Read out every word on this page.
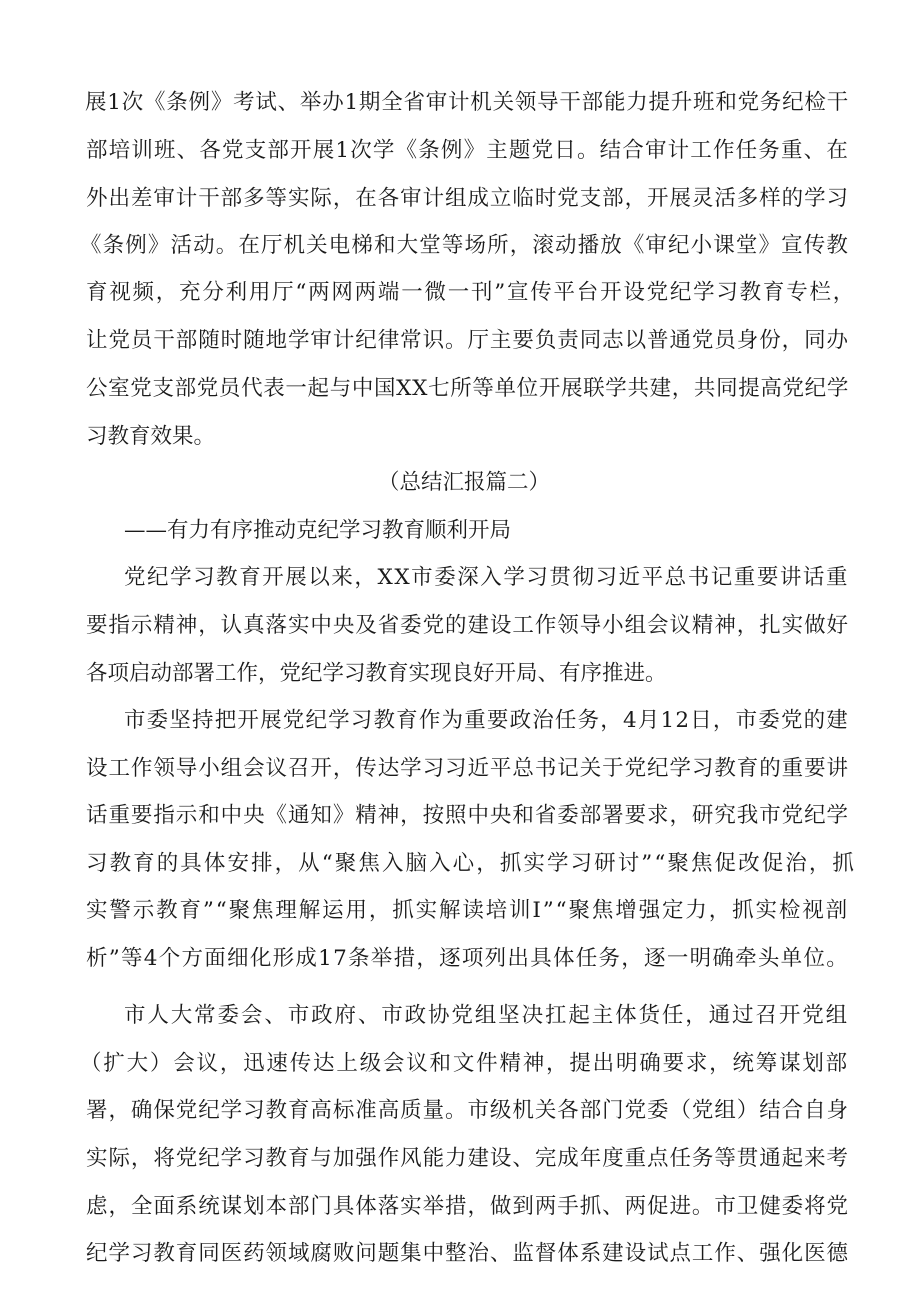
展1次《条例》考试、举办1期全省审计机关领导干部能力提升班和党务纪检干
部培训班、各党支部开展1次学《条例》主题党日。结合审计工作任务重、在
外出差审计干部多等实际，在各审计组成立临时党支部，开展灵活多样的学习
《条例》活动。在厅机关电梯和大堂等场所，滚动播放《审纪小课堂》宣传教
育视频，充分利用厅“两网两端一微一刊”宣传平台开设党纪学习教育专栏，
让党员干部随时随地学审计纪律常识。厅主要负责同志以普通党员身份，同办
公室党支部党员代表一起与中国XX七所等单位开展联学共建，共同提高党纪学
习教育效果。
（总结汇报篇二）
——有力有序推动克纪学习教育顺利开局
党纪学习教育开展以来，XX市委深入学习贯彻习近平总书记重要讲话重
要指示精神，认真落实中央及省委党的建设工作领导小组会议精神，扎实做好
各项启动部署工作，党纪学习教育实现良好开局、有序推进。
市委坚持把开展党纪学习教育作为重要政治任务，4月12日，市委党的建
设工作领导小组会议召开，传达学习习近平总书记关于党纪学习教育的重要讲
话重要指示和中央《通知》精神，按照中央和省委部署要求，研究我市党纪学
习教育的具体安排，从“聚焦入脑入心，抓实学习研讨”“聚焦促改促治，抓
实警示教育”“聚焦理解运用，抓实解读培训I”“聚焦增强定力，抓实检视剖
析”等4个方面细化形成17条举措，逐项列出具体任务，逐一明确牵头单位。
市人大常委会、市政府、市政协党组坚决扛起主体货任，通过召开党组
（扩大）会议，迅速传达上级会议和文件精神，提出明确要求，统筹谋划部
署，确保党纪学习教育高标准高质量。市级机关各部门党委（党组）结合自身
实际，将党纪学习教育与加强作风能力建设、完成年度重点任务等贯通起来考
虑，全面系统谋划本部门具体落实举措，做到两手抓、两促进。市卫健委将党
纪学习教育同医药领域腐败问题集中整治、监督体系建设试点工作、强化医德
